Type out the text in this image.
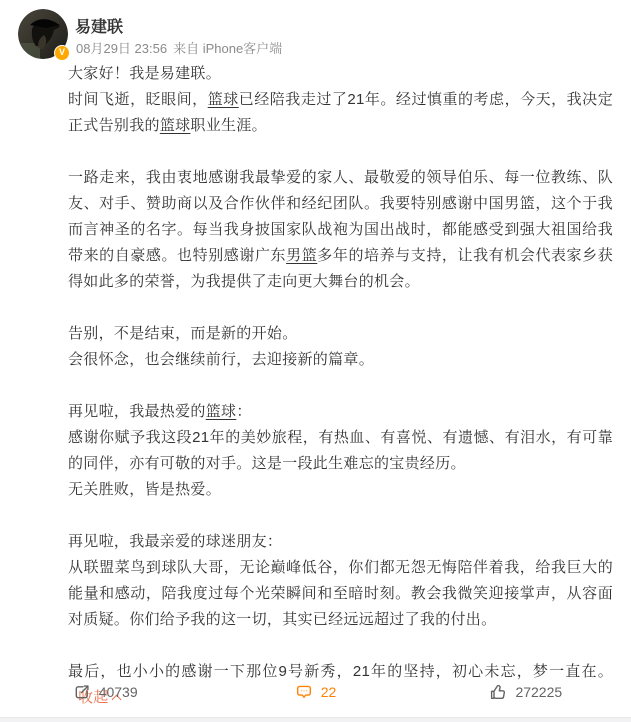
V
易建联
08月29日 23:56 来自 iPhone客户端
大家好！我是易建联。
时间飞逝，眨眼间，篮球已经陪我走过了21年。经过慎重的考虑，今天，我决定正式告别我的篮球职业生涯。
一路走来，我由衷地感谢我最挚爱的家人、最敬爱的领导伯乐、每一位教练、队友、对手、赞助商以及合作伙伴和经纪团队。我要特别感谢中国男篮，这个于我而言神圣的名字。每当我身披国家队战袍为国出战时，都能感受到强大祖国给我带来的自豪感。也特别感谢广东男篮多年的培养与支持，让我有机会代表家乡获得如此多的荣誉，为我提供了走向更大舞台的机会。
告别，不是结束，而是新的开始。
会很怀念，也会继续前行，去迎接新的篇章。
再见啦，我最热爱的篮球：
感谢你赋予我这段21年的美妙旅程，有热血、有喜悦、有遗憾、有泪水，有可靠的同伴，亦有可敬的对手。这是一段此生难忘的宝贵经历。
无关胜败，皆是热爱。
再见啦，我最亲爱的球迷朋友：
从联盟菜鸟到球队大哥，无论巅峰低谷，你们都无怨无悔陪伴着我，给我巨大的能量和感动，陪我度过每个光荣瞬间和至暗时刻。教会我微笑迎接掌声，从容面对质疑。你们给予我的这一切，其实已经远远超过了我的付出。
最后，也小小的感谢一下那位9号新秀，21年的坚持，初心未忘，梦一直在。收起
40739	22	272225
